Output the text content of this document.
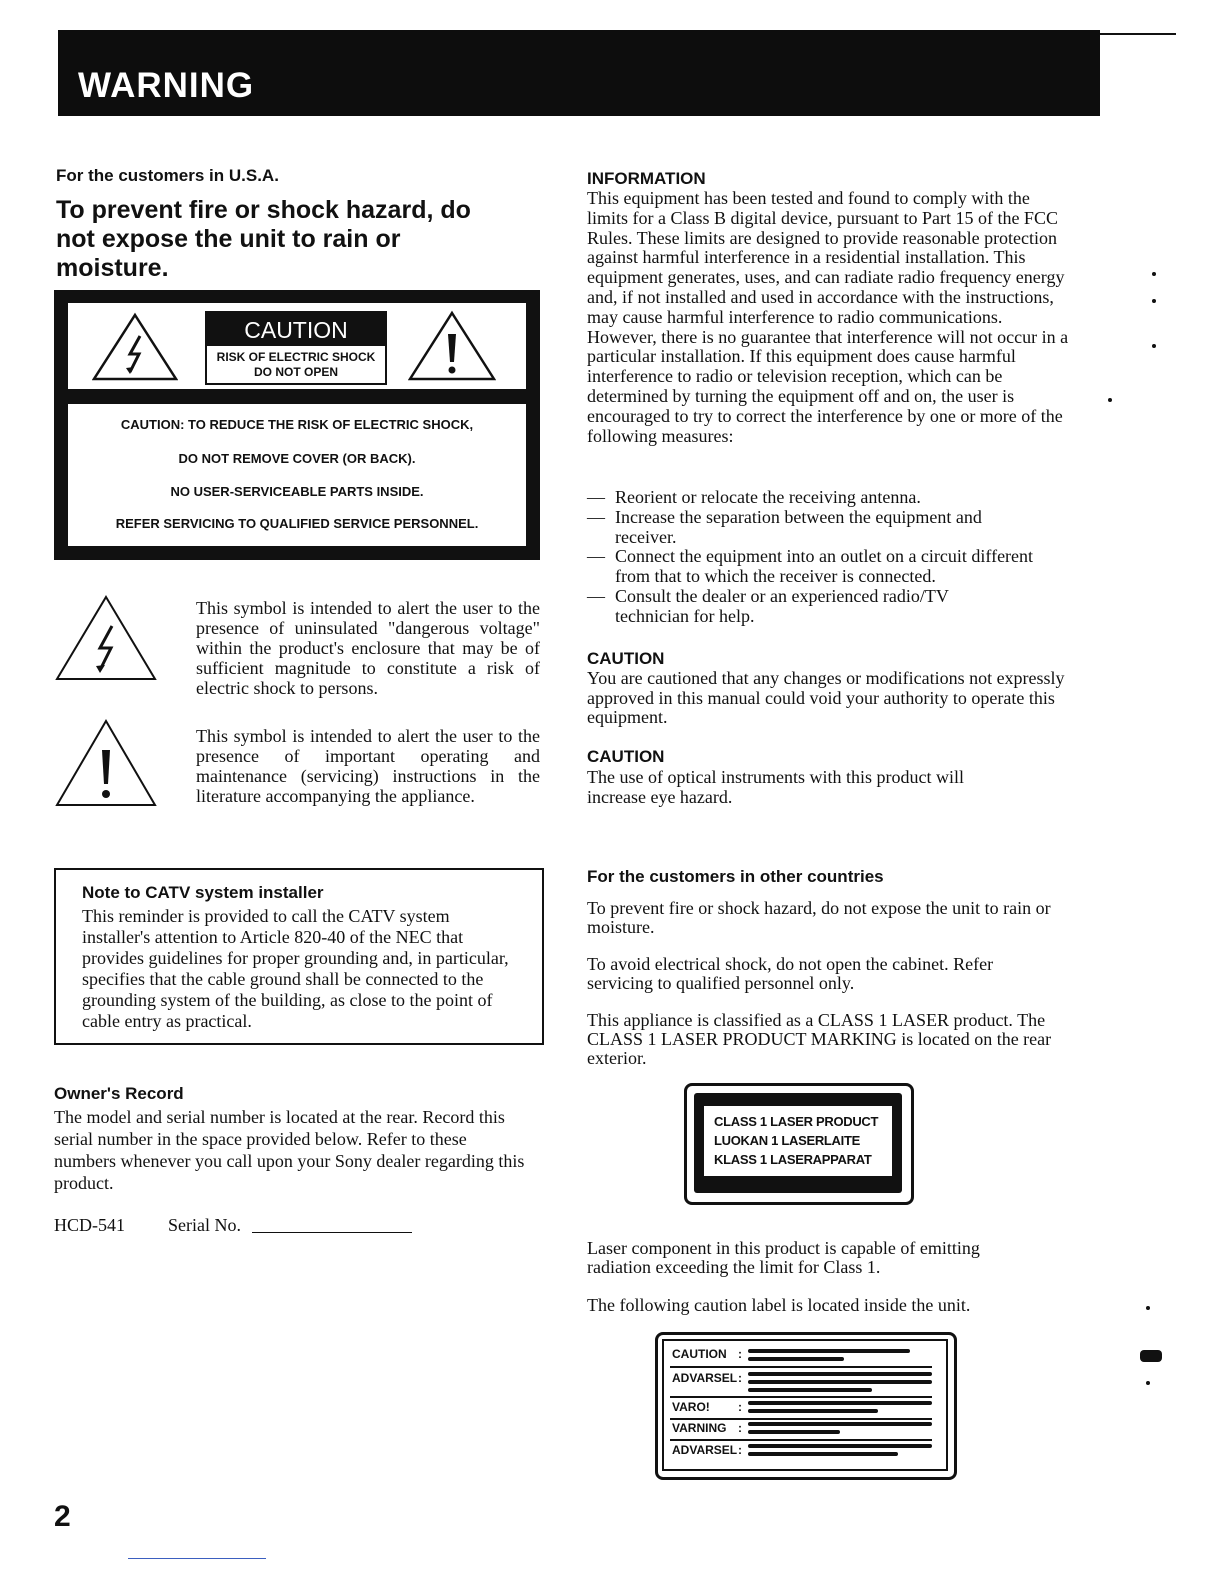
WARNING
For the customers in U.S.A.
To prevent fire or shock hazard, do
not expose the unit to rain or
moisture.
CAUTION
RISK OF ELECTRIC SHOCK
DO NOT OPEN
CAUTION: TO REDUCE THE RISK OF ELECTRIC SHOCK,
DO NOT REMOVE COVER (OR BACK).
NO USER-SERVICEABLE PARTS INSIDE.
REFER SERVICING TO QUALIFIED SERVICE PERSONNEL.
This symbol is intended to alert the user to the presence of uninsulated "dangerous voltage" within the product's enclosure that may be of sufficient magnitude to constitute a risk of electric shock to persons.
This symbol is intended to alert the user to the presence of important operating and maintenance (servicing) instructions in the literature accompanying the appliance.
Note to CATV system installer
This reminder is provided to call the CATV system installer's attention to Article 820-40 of the NEC that provides guidelines for proper grounding and, in particular, specifies that the cable ground shall be connected to the grounding system of the building, as close to the point of cable entry as practical.
Owner's Record
The model and serial number is located at the rear. Record this serial number in the space provided below. Refer to these numbers whenever you call upon your Sony dealer regarding this product.
HCD-541 Serial No.
INFORMATION
This equipment has been tested and found to comply with the limits for a Class B digital device, pursuant to Part 15 of the FCC Rules. These limits are designed to provide reasonable protection against harmful interference in a residential installation. This equipment generates, uses, and can radiate radio frequency energy and, if not installed and used in accordance with the instructions, may cause harmful interference to radio communications. However, there is no guarantee that interference will not occur in a particular installation. If this equipment does cause harmful interference to radio or television reception, which can be determined by turning the equipment off and on, the user is encouraged to try to correct the interference by one or more of the following measures:
— Reorient or relocate the receiving antenna.
— Increase the separation between the equipment and receiver.
— Connect the equipment into an outlet on a circuit different from that to which the receiver is connected.
— Consult the dealer or an experienced radio/TV technician for help.
CAUTION
You are cautioned that any changes or modifications not expressly approved in this manual could void your authority to operate this equipment.
CAUTION
The use of optical instruments with this product will increase eye hazard.
For the customers in other countries
To prevent fire or shock hazard, do not expose the unit to rain or moisture.
To avoid electrical shock, do not open the cabinet. Refer servicing to qualified personnel only.
This appliance is classified as a CLASS 1 LASER product. The CLASS 1 LASER PRODUCT MARKING is located on the rear exterior.
CLASS 1 LASER PRODUCT
LUOKAN 1 LASERLAITE
KLASS 1 LASERAPPARAT
Laser component in this product is capable of emitting radiation exceeding the limit for Class 1.
The following caution label is located inside the unit.
CAUTION :
ADVARSEL :
VARO! :
VARNING :
ADVARSEL :
2
